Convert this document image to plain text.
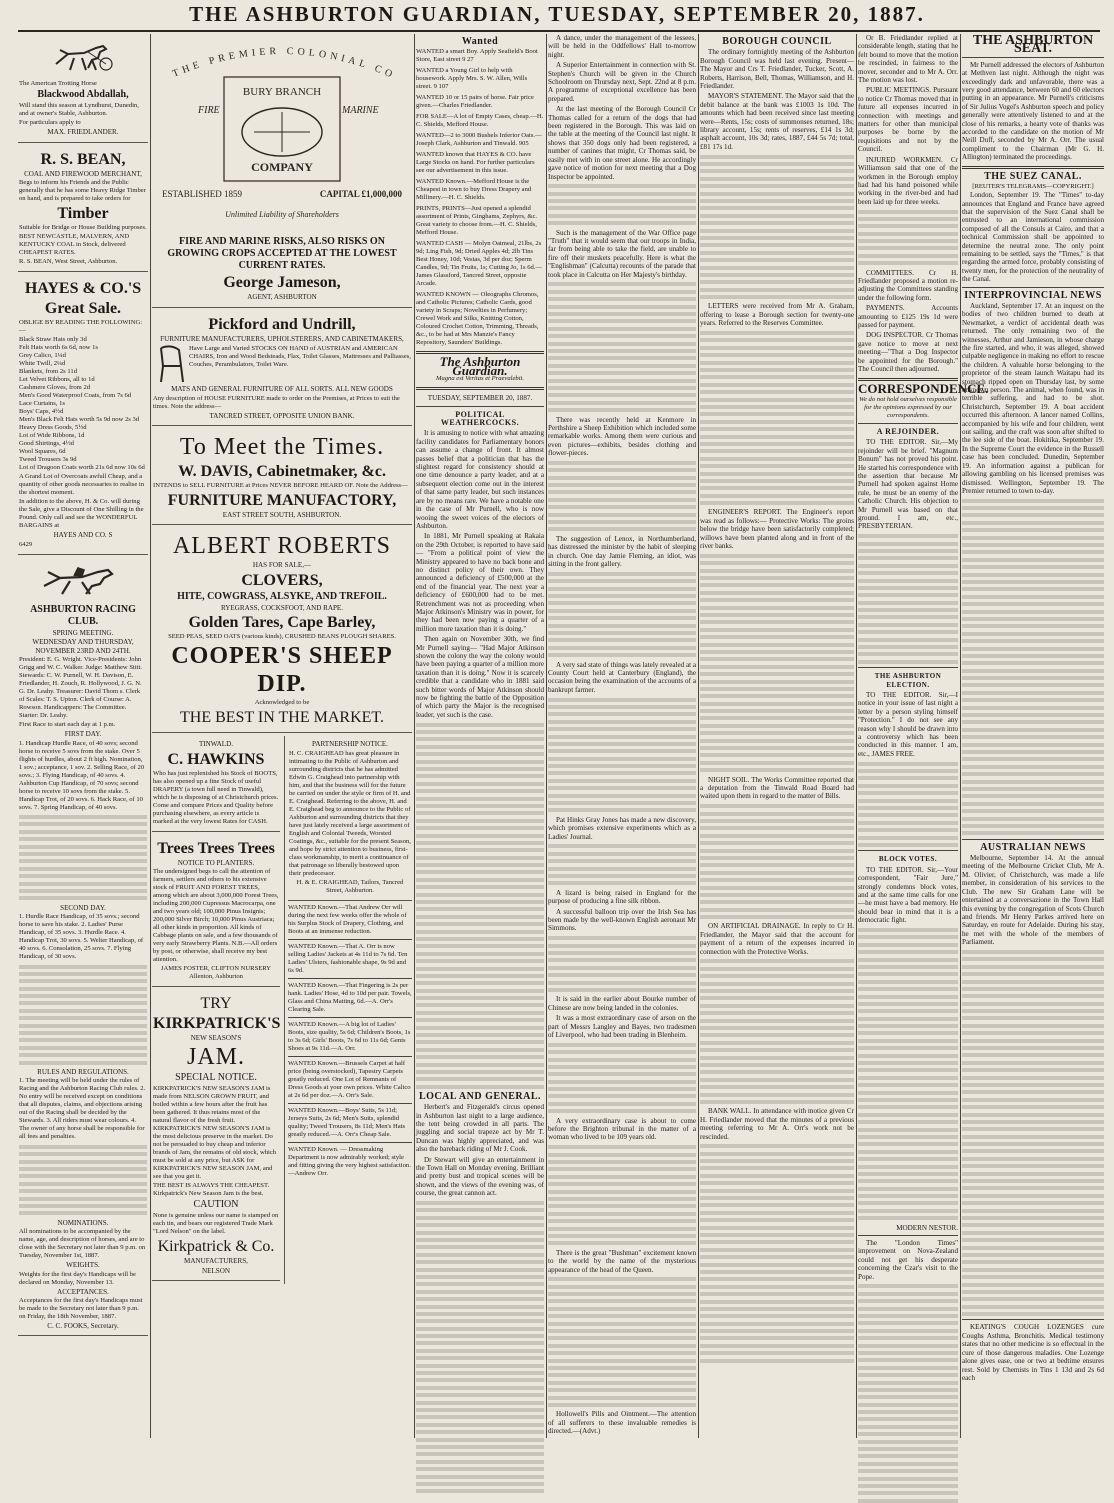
THE ASHBURTON GUARDIAN, TUESDAY, SEPTEMBER 20, 1887.

The American Trotting Horse

Blackwood Abdallah,

Will stand this season at Lyndhurst, Dunedin, and at owner's Stable, Ashburton.

For particulars apply to

MAX. FRIEDLANDER.

R. S. BEAN,

COAL AND FIREWOOD MERCHANT,

Begs to inform his Friends and the Public generally that he has some Heavy Ridge Timber on hand, and is prepared to take orders for

Timber

Suitable for Bridge or House Building purposes.

BEST NEWCASTLE, MALVERN, AND KENTUCKY COAL in Stock, delivered CHEAPEST RATES.

R. S. BEAN, West Street, Ashburton.

HAYES & CO.'S

Great Sale.

OBLIGE BY READING THE FOLLOWING:—

Black Straw Hats only 3d
Felt Hats worth 6s 6d, now 1s
Grey Calico, 1¼d
White Twill, 2¼d
Blankets, from 2s 11d
Let Velvet Ribbons, all to 1d
Cashmere Gloves, from 2d
Men's Good Waterproof Coats, from 7s 6d
Lace Curtains, 1s
Boys' Caps, 4½d
Men's Black Felt Hats worth 5s 9d now 2s 3d
Heavy Dress Goods, 5½d
Lot of Wide Ribbons, 1d
Good Shirtings, 4½d
Wool Squares, 6d
Tweed Trousers 3s 9d
Lot of Dragoon Coats worth 21s 6d now 10s 6d

A Grand Lot of Overcoats awfull Cheap, and a quantity of other goods necessaries to realise in the shortest moment.

In addition to the above, H. & Co. will during the Sale, give a Discount of One Shilling in the Pound. Only call and see the WONDERFUL BARGAINS at

HAYES AND CO. S

6429

ASHBURTON RACING CLUB.

SPRING MEETING.

WEDNESDAY AND THURSDAY, NOVEMBER 23RD AND 24TH.

President: E. G. Wright. Vice-Presidents: John Grigg and W. C. Walker. Judge: Matthew Stitt. Stewards: C. W. Purnell, W. H. Davison, E. Friedlander, H. Zouch, R. Hollywood, J. G. N. G. Dr. Leahy. Treasurer: David Thom s. Clerk of Scales: T. S. Upton. Clerk of Course: A. Rowson. Handicappers: The Committee. Starter: Dr. Leahy.

First Race to start each day at 1 p.m.

FIRST DAY.

1. Handicap Hurdle Race, of 40 sovs; second horse to receive 5 sovs from the stake. Over 5 flights of hurdles, about 2 ft high. Nomination, 1 sov.; acceptance, 1 sov. 2. Selling Race, of 20 sovs.; 3. Flying Handicap, of 40 sovs. 4. Ashburton Cup Handicap, of 70 sovs; second horse to receive 10 sovs from the stake. 5. Handicap Trot, of 20 sovs. 6. Hack Race, of 10 sovs. 7. Spring Handicap, of 40 sovs.

SECOND DAY.

1. Hurdle Race Handicap, of 35 sovs.; second horse to save his stake. 2. Ladies' Purse Handicap, of 35 sovs. 3. Hurdle Race. 4. Handicap Trot, 30 sovs. 5. Welter Handicap, of 40 sovs. 6. Consolation, 25 sovs. 7. Flying Handicap, of 30 sovs.

RULES AND REGULATIONS.

1. The meeting will be held under the rules of Racing and the Ashburton Racing Club rules. 2. No entry will be received except on conditions that all disputes, claims, and objections arising out of the Racing shall be decided by the Stewards. 3. All riders must wear colours. 4. The owner of any horse shall be responsible for all fees and penalties.

NOMINATIONS.

All nominations to be accompanied by the name, age, and description of horses, and are to close with the Secretary not later than 9 p.m. on Tuesday, November 1st, 1887.

WEIGHTS.

Weights for the first day's Handicaps will be declared on Monday, November 13.

ACCEPTANCES.

Acceptances for the first day's Handicaps must be made to the Secretary not later than 9 p.m. on Friday, the 18th November, 1887.

C. C. FOOKS, Secretary.

THE PREMIER COLONIAL CO
BURY BRANCH
FIRE	MARINE
COMPANY
ESTABLISHED 1859	CAPITAL £1,000,000
Unlimited Liability of Shareholders

FIRE AND MARINE RISKS, ALSO RISKS ON GROWING CROPS ACCEPTED AT THE LOWEST CURRENT RATES.

George Jameson,

AGENT, ASHBURTON

Pickford and Undrill,

FURNITURE MANUFACTURERS, UPHOLSTERERS, AND CABINETMAKERS,

Have Large and Varied STOCKS ON HAND of AUSTRIAN and AMERICAN CHAIRS, Iron and Wood Bedsteads, Flax, Toilet Glasses, Mattresses and Palliasses, Couches, Perambulators, Toilet Ware.

MATS AND GENERAL FURNITURE OF ALL SORTS. ALL NEW GOODS

Any description of HOUSE FURNITURE made to order on the Premises, at Prices to suit the times. Note the address—

TANCRED STREET, OPPOSITE UNION BANK.

To Meet the Times.

W. DAVIS, Cabinetmaker, &c.

INTENDS to SELL FURNITURE at Prices NEVER BEFORE HEARD OF. Note the Address—

FURNITURE MANUFACTORY,

EAST STREET SOUTH, ASHBURTON.

ALBERT ROBERTS

HAS FOR SALE,—

CLOVERS,

HITE, COWGRASS, ALSYKE, AND TREFOIL.

RYEGRASS, COCKSFOOT, AND RAPE.

Golden Tares, Cape Barley,

SEED PEAS, SEED OATS (various kinds), CRUSHED BEANS PLOUGH SHARES.

COOPER'S SHEEP DIP.

Acknowledged to be

THE BEST IN THE MARKET.

TINWALD.

C. HAWKINS

Who has just replenished his Stock of BOOTS, has also opened up a fine Stock of useful DRAPERY (a town full need in Tinwald), which he is disposing of at Christchurch prices. Come and compare Prices and Quality before purchasing elsewhere, as every article is marked at the very lowest Rates for CASH.

Trees Trees Trees

NOTICE TO PLANTERS.

The undersigned begs to call the attention of farmers, settlers and others to his extensive stock of FRUIT AND FOREST TREES, among which are about 3,000,000 Forest Trees, including 200,000 Cupressus Macrocarpa, one and two years old; 100,000 Pinus Insignis; 200,000 Silver Birch; 10,000 Pinus Austriaca; all other kinds in proportion. All kinds of Cabbage plants on sale, and a few thousands of very early Strawberry Plants. N.B.—All orders by post, or otherwise, shall receive my best attention.

JAMES FOSTER, CLIFTON NURSERY Allenton, Ashburton

TRY

KIRKPATRICK'S

NEW SEASON'S

JAM.

SPECIAL NOTICE.

KIRKPATRICK'S NEW SEASON'S JAM is made from NELSON GROWN FRUIT, and boiled within a few hours after the fruit has been gathered. It thus retains most of the natural flavor of the fresh fruit. KIRKPATRICK'S NEW SEASON'S JAM is the most delicious preserve in the market. Do not be persuaded to buy cheap and inferior brands of Jam, the remains of old stock, which must be sold at any price, but ASK for KIRKPATRICK'S NEW SEASON JAM, and see that you get it.

THE BEST IS ALWAYS THE CHEAPEST. Kirkpatrick's New Season Jam is the best.

CAUTION

None is genuine unless our name is stamped on each tin, and bears our registered Trade Mark "Lord Nelson" on the label.

Kirkpatrick & Co.

MANUFACTURERS,

NELSON

PARTNERSHIP NOTICE.

H. C. CRAIGHEAD has great pleasure in intimating to the Public of Ashburton and surrounding districts that he has admitted Edwin G. Craighead into partnership with him, and that the business will for the future be carried on under the style or firm of H. and E. Craighead. Referring to the above, H. and E. Craighead beg to announce to the Public of Ashburton and surrounding districts that they have just lately received a large assortment of English and Colonial Tweeds, Worsted Coatings, &c., suitable for the present Season, and hope by strict attention to business, first-class workmanship, to merit a continuance of that patronage so liberally bestowed upon their predecessor.

H. & E. CRAIGHEAD, Tailors, Tancred Street, Ashburton.

WANTED Known.—That Andrew Orr will during the next few weeks offer the whole of his Surplus Stock of Drapery, Clothing, and Boots at an immense reduction.

WANTED Known.—That A. Orr is now selling Ladies' Jackets at 4s 11d to 7s 6d. Ten Ladies' Ulsters, fashionable shape, 9s 9d and 6s 9d.

WANTED Known.—That Fingering is 2s per hank. Ladies' Hose, 4d to 10d per pair. Towels, Glass and China Matting, 6d.—A. Orr's Clearing Sale.

WANTED Known.—A big lot of Ladies' Boots, size quality, 5s 6d; Children's Boots, 1s to 3s 6d; Girls' Boots, 7s 6d to 11s 6d; Gents Shoes at 9s 11d.—A. Orr.

WANTED Known.—Brussels Carpet at half price (being overstocked), Tapestry Carpets greatly reduced. One Lot of Remnants of Dress Goods at your own prices. White Calico at 2s 6d per doz.—A. Orr's Sale.

WANTED Known.—Boys' Suits, 5s 11d; Jerseys Suits, 2s 6d; Men's Suits, splendid quality; Tweed Trousers, 8s 11d; Men's Hats greatly reduced.—A. Orr's Cheap Sale.

WANTED Known. — Dressmaking Department is now admirably worked; style and fitting giving the very highest satisfaction.—Andrew Orr.

Wanted

WANTED a smart Boy. Apply Seafield's Boot Store, East street 9 27

WANTED a Young Girl to help with housework. Apply Mrs. S. W. Allen, Wills street. 9 107

WANTED 10 or 15 pairs of horse. Fair price given.—Charles Friedlander.

FOR SALE—A lot of Empty Cases, cheap.—H. C. Shields, Mefford House.

WANTED—2 to 3000 Bushels Inferior Oats.—Joseph Clark, Ashburton and Tinwald. 905

WANTED known that HAYES & CO. have Large Stocks on hand. For further particulars see our advertisement in this issue.

WANTED Known.—Mefford House is the Cheapest in town to buy Dress Drapery and Millinery.—H. C. Shields.

PRINTS, PRINTS—Just opened a splendid assortment of Prints, Ginghams, Zephyrs, &c. Great variety to choose from.—H. C. Shields, Mefford House.

WANTED CASH — Molyn Oatmeal, 21lbs, 2s 9d; Ling Fish, 9d; Dried Apples 4d; 2lb Tins Best Honey, 10d; Vestas, 3d per doz; Sperm Candles, 9d; Tin Fruits, 1s; Cutting Jo, 1s 6d.—James Glassford, Tancred Street, opposite Arcade.

WANTED KNOWN — Oleographs Chromos, and Catholic Pictures; Catholic Cards, good variety in Scraps; Novelties in Perfumery; Crewel Work and Silks, Knitting Cotton, Coloured Crochet Cotton, Trimming, Threads, &c., to be had at Mrs Manzie's Fancy Repository, Saunders' Buildings.

The Ashburton Guardian.
Magna est Veritas et Praevalebit.
TUESDAY, SEPTEMBER 20, 1887.
POLITICAL WEATHERCOCKS.

It is amusing to notice with what amazing facility candidates for Parliamentary honors can assume a change of front. It almost passes belief that a politician that has the slightest regard for consistency should at one time denounce a party leader, and at a subsequent election come out in the interest of that same party leader, but such instances are by no means rare. We have a notable one in the case of Mr Purnell, who is now wooing the sweet voices of the electors of Ashburton.

In 1881, Mr Purnell speaking at Rakaia on the 29th October, is reported to have said— "From a political point of view the Ministry appeared to have no back bone and no distinct policy of their own. They announced a deficiency of £500,000 at the end of the financial year. The next year a deficiency of £600,000 had to be met. Retrenchment was not as proceeding when Major Atkinson's Ministry was in power, for they had been now paying a quarter of a million more taxation than it is doing."

Then again on November 30th, we find Mr Purnell saying— "Had Major Atkinson shown the colony the way the colony would have been paying a quarter of a million more taxation than it is doing." Now it is scarcely credible that a candidate who in 1881 said such bitter words of Major Atkinson should now be fighting the battle of the Opposition of which party the Major is the recognised leader, yet such is the case.

LOCAL AND GENERAL.

Herbert's and Fitzgerald's circus opened in Ashburton last night to a large audience, the tent being crowded in all parts. The juggling and social trapeze act by Mr T. Duncan was highly appreciated, and was also the bareback riding of Mr J. Cook.

Dr Stewart will give an entertainment in the Town Hall on Monday evening. Brilliant and pretty bust and tropical scenes will be shown, and the views of the evening was, of course, the great cannon act.

A dance, under the management of the lessees, will be held in the Oddfellows' Hall to-morrow night.

A Superior Entertainment in connection with St. Stephen's Church will be given in the Church Schoolroom on Thursday next, Sept. 22nd at 8 p.m. A programme of exceptional excellence has been prepared.

At the last meeting of the Borough Council Cr Thomas called for a return of the dogs that had been registered in the Borough. This was laid on the table at the meeting of the Council last night. It shows that 350 dogs only had been registered, a number of canines that might, Cr Thomas said, be easily met with in one street alone. He accordingly gave notice of motion for next meeting that a Dog Inspector be appointed.

Such is the management of the War Office page "Truth" that it would seem that our troops in India, far from being able to take the field, are unable to fire off their muskets peacefully. Here is what the "Englishman" (Calcutta) recounts of the parade that took place in Calcutta on Her Majesty's birthday.

There was recently held at Kenmore in Perthshire a Sheep Exhibition which included some remarkable works. Among them were curious and even pictures—exhibits, besides clothing and flower-pieces.

The suggestion of Lenox, in Northumberland, has distressed the minister by the habit of sleeping in church. One day Jamie Fleming, an idiot, was sitting in the front gallery.

A very sad state of things was lately revealed at a County Court held at Canterbury (England), the occasion being the examination of the accounts of a bankrupt farmer.

Pat Hinks Gray Jones has made a new discovery, which promises extensive experiments which as a Ladies' Journal.

A lizard is being raised in England for the purpose of producing a fine silk ribbon.

A successful balloon trip over the Irish Sea has been made by the well-known English aeronaut Mr Simmons.

It is said in the earlier about Bourke number of Chinese are now being landed in the colonies.

It was a most extraordinary case of arson on the part of Messrs Langley and Bayes, two tradesmen of Liverpool, who had been trading in Blenheim.

A very extraordinary case is about to come before the Brighton tribunal in the matter of a woman who lived to be 109 years old.

There is the great "Bushman" excitement known to the world by the name of the mysterious appearance of the head of the Queen.

Hollowell's Pills and Ointment.—The attention of all sufferers to these invaluable remedies is directed.—(Advt.)

BOROUGH COUNCIL

The ordinary fortnightly meeting of the Ashburton Borough Council was held last evening. Present—The Mayor and Crs T. Friedlander, Tucker, Scott, A. Roberts, Harrison, Bell, Thomas, Williamson, and H. Friedlander.

MAYOR'S STATEMENT. The Mayor said that the debit balance at the bank was £1003 1s 10d. The amounts which had been received since last meeting were—Rents, 15s; costs of summonses returned, 18s; library account, 15s; rents of reserves, £14 1s 3d; asphalt account, 10s 3d; rates, 1887, £44 5s 7d; total, £81 17s 1d.

LETTERS were received from Mr A. Graham, offering to lease a Borough section for twenty-one years. Referred to the Reserves Committee.

ENGINEER'S REPORT. The Engineer's report was read as follows:— Protective Works: The groins below the bridge have been satisfactorily completed; willows have been planted along and in front of the river banks.

NIGHT SOIL. The Works Committee reported that a deputation from the Tinwald Road Board had waited upon them in regard to the matter of Bills.

ON ARTIFICIAL DRAINAGE. In reply to Cr H. Friedlander, the Mayor said that the account for payment of a return of the expenses incurred in connection with the Protective Works.

BANK WALL. In attendance with motice given Cr H. Friedlander moved that the minutes of a previous meeting referring to Mr A. Orr's work not be rescinded.

Or B. Friedlander replied at considerable length, stating that he felt bound to move that the motion be rescinded, in fairness to the mover, seconder and to Mr A. Orr. The motion was lost.

PUBLIC MEETINGS. Pursuant to notice Cr Thomas moved that in future all expenses incurred in connection with meetings and matters for other than municipal purposes be borne by the requisitions and not by the Council.

INJURED WORKMEN. Cr Williamson said that one of the workmen in the Borough employ had had his hand poisoned while working in the river-bed and had been laid up for three weeks.

COMMITTEES. Cr H. Friedlander proposed a motion re-adjusting the Committees standing under the following form.

PAYMENTS. Accounts amounting to £125 19s 1d were passed for payment.

DOG INSPECTOR. Cr Thomas gave notice to move at next meeting—"That a Dog Inspector be appointed for the Borough." The Council then adjourned.

CORRESPONDENCE.
We do not hold ourselves responsible for the opinions expressed by our correspondents.
A REJOINDER.

TO THE EDITOR. Sir,—My rejoinder will be brief. "Magnum Bonum" has not proved his point. He started his correspondence with the assertion that because Mr Purnell had spoken against Home rule, he must be an enemy of the Catholic Church. His objection to Mr Purnell was based on that ground. I am, etc., PRESBYTERIAN.

THE ASHBURTON ELECTION.

TO THE EDITOR. Sir,—I notice in your issue of last night a letter by a person styling himself "Protection." I do not see any reason why I should be drawn into a controversy which has been conducted in this manner. I am, etc., JAMES FREE.

BLOCK VOTES.

TO THE EDITOR. Sir,—Your correspondent, "Fair Jure," strongly condemns block votes, and at the same time calls for one—he must have a bad memory. He should bear in mind that it is a democratic fight.

MODERN NESTOR.

The "London Times" improvement on Nova-Zealand could not get his desperate concerning the Czar's visit to the Pope.

THE ASHBURTON SEAT.

Mr Purnell addressed the electors of Ashburton at Methven last night. Although the night was exceedingly dark and unfavorable, there was a very good attendance, between 60 and 60 electors putting in an appearance. Mr Purnell's criticisms of Sir Julius Vogel's Ashburton speech and policy generally were attentively listened to and at the close of his remarks, a hearty vote of thanks was accorded to the candidate on the motion of Mr Neill Duff, seconded by Mr A. Orr. The usual compliment to the Chairman (Mr G. H. Allington) terminated the proceedings.

THE SUEZ CANAL.
[REUTER'S TELEGRAMS—COPYRIGHT.]

London, September 19. The "Times" to-day announces that England and France have agreed that the supervision of the Suez Canal shall be entrusted to an international commission composed of all the Consuls at Cairo, and that a technical Commission shall be appointed to determine the neutral zone. The only point remaining to be settled, says the "Times," is that regarding the armed force, probably consisting of twenty men, for the protection of the neutrality of the Canal.

INTERPROVINCIAL NEWS

Auckland, September 17. At an inquest on the bodies of two children burned to death at Newmarket, a verdict of accidental death was returned. The only remaining two of the witnesses, Arthur and Jamieson, in whose charge the fire started, and who, it was alleged, showed culpable negligence in making no effort to rescue the children. A valuable horse belonging to the proprietor of the steam launch Waitapu had its stomach ripped open on Thursday last, by some unknown person. The animal, when found, was in terrible suffering, and had to be shot. Christchurch, September 19. A boat accident occurred this afternoon. A lancer named Collins, accompanied by his wife and four children, went out sailing, and the craft was soon after shifted to the lee side of the boat. Hokitika, September 19. In the Supreme Court the evidence in the Russell case has been concluded. Dunedin, September 19. An information against a publican for allowing gambling on his licensed premises was dismissed. Wellington, September 19. The Premier returned to town to-day.

AUSTRALIAN NEWS

Melbourne, September 14. At the annual meeting of the Melbourne Cricket Club, Mr A. M. Olivier, of Christchurch, was made a life member, in consideration of his services to the Club. The new Sir Graham Lane will be entertained at a conversazione in the Town Hall this evening by the congregation of Scots Church and friends. Mr Henry Parkes arrived here on Saturday, en route for Adelaide. During his stay, he met with the whole of the members of Parliament.

KEATING'S COUGH LOZENGES cure Coughs Asthma, Bronchitis. Medical testimony states that no other medicine is so effectual in the cure of those dangerous maladies. One Lozenge alone gives ease, one or two at bedtime ensures rest. Sold by Chemists in Tins 1 13d and 2s 6d each
